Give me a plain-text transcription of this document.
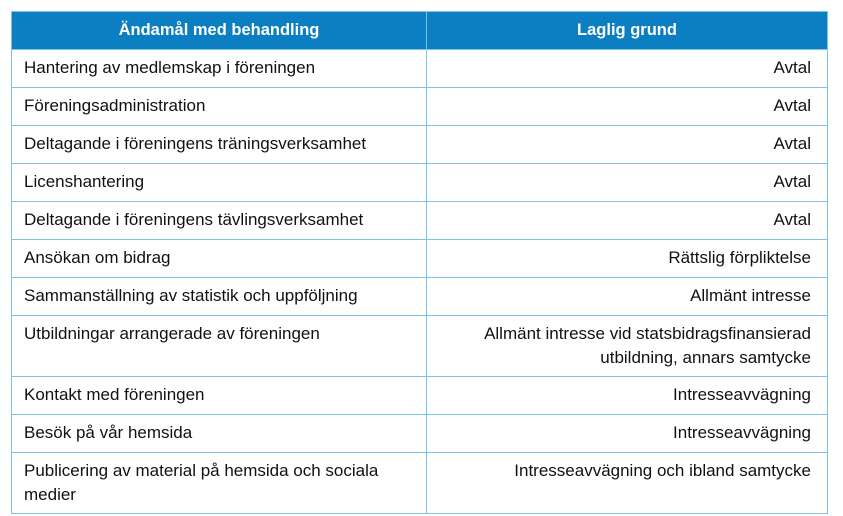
Ändamål med behandling	Laglig grund
Hantering av medlemskap i föreningen	Avtal
Föreningsadministration	Avtal
Deltagande i föreningens träningsverksamhet	Avtal
Licenshantering	Avtal
Deltagande i föreningens tävlingsverksamhet	Avtal
Ansökan om bidrag	Rättslig förpliktelse
Sammanställning av statistik och uppföljning	Allmänt intresse
Utbildningar arrangerade av föreningen	Allmänt intresse vid statsbidragsfinansierad utbildning, annars samtycke
Kontakt med föreningen	Intresseavvägning
Besök på vår hemsida	Intresseavvägning
Publicering av material på hemsida och sociala medier	Intresseavvägning och ibland samtycke
